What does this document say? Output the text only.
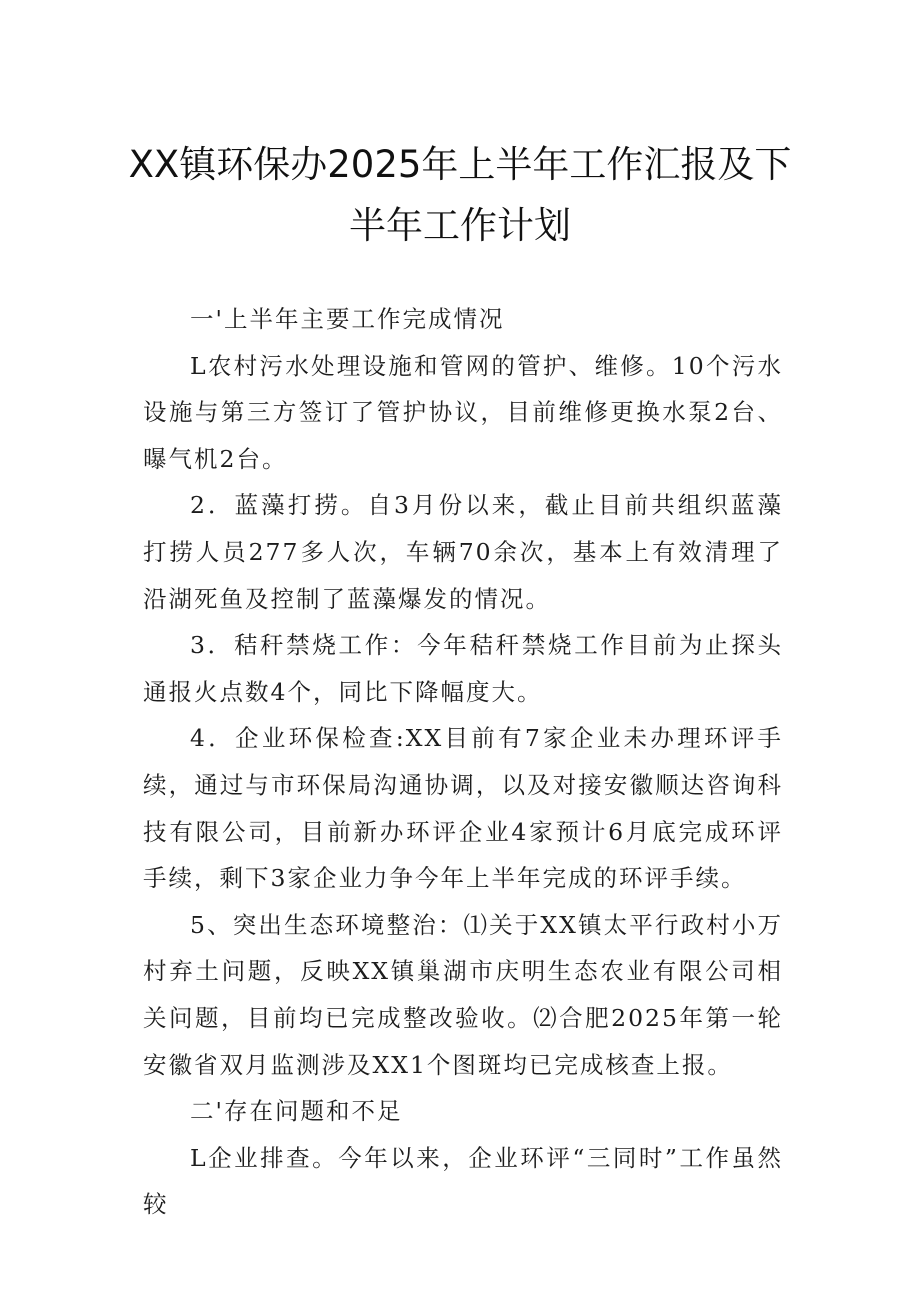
XX镇环保办2025年上半年工作汇报及下
半年工作计划

一'上半年主要工作完成情况

L农村污水处理设施和管网的管护、维修。10个污水设施与第三方签订了管护协议，目前维修更换水泵2台、曝气机2台。

2．蓝藻打捞。自3月份以来，截止目前共组织蓝藻打捞人员277多人次，车辆70余次，基本上有效清理了沿湖死鱼及控制了蓝藻爆发的情况。

3．秸秆禁烧工作：今年秸秆禁烧工作目前为止探头通报火点数4个，同比下降幅度大。

4．企业环保检查:XX目前有7家企业未办理环评手续，通过与市环保局沟通协调，以及对接安徽顺达咨询科技有限公司，目前新办环评企业4家预计6月底完成环评手续，剩下3家企业力争今年上半年完成的环评手续。

5、突出生态环境整治：⑴关于XX镇太平行政村小万村弃土问题，反映XX镇巢湖市庆明生态农业有限公司相关问题，目前均已完成整改验收。⑵合肥2025年第一轮安徽省双月监测涉及XX1个图斑均已完成核查上报。

二'存在问题和不足

L企业排查。今年以来，企业环评“三同时”工作虽然较
